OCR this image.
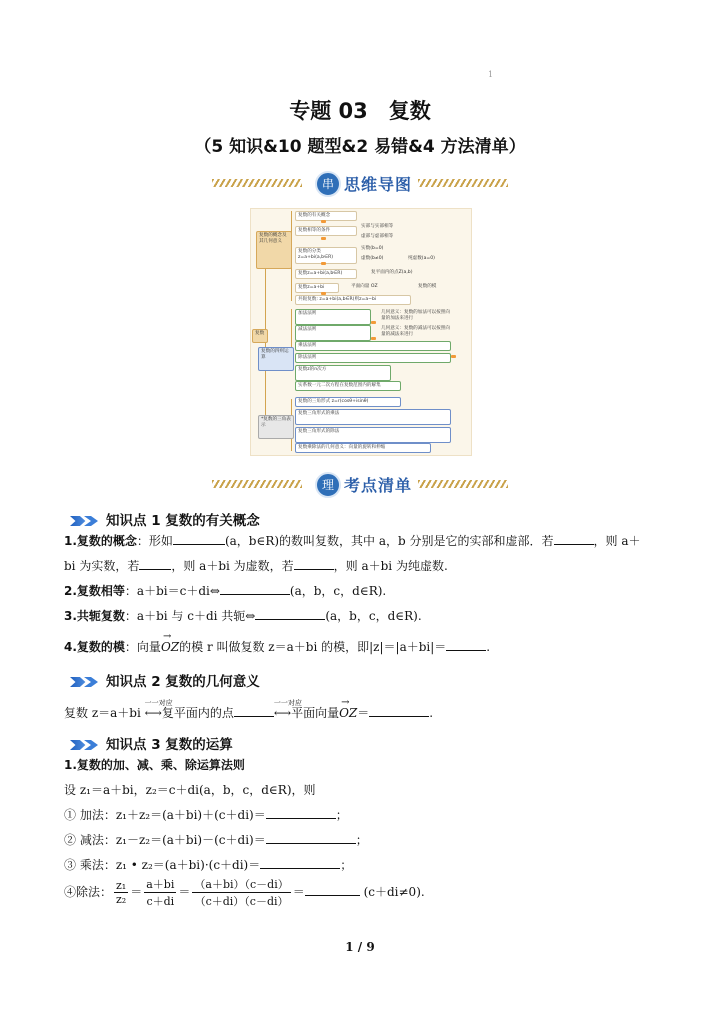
1
专题 03　复数
（5 知识&10 题型&2 易错&4 方法清单）
串 思维导图
复数
复数的概念及其几何意义
复数的四则运算
*复数的三角表示
复数的有关概念
复数相等的条件
实部与实部相等
虚部与虚部相等
复数的分类 z=a+bi(a,b∈R)
实数(b=0)
虚数(b≠0)	纯虚数(a=0)
复数z=a+bi(a,b∈R)	复平面内的点Z(a,b)
复数z=a+bi	平面向量 OZ	复数的模
共轭复数: z=a+bi(a,b∈R)则z=a−bi
加法法则	几何意义：复数的加法可以按照向量的加法来进行
减法法则	几何意义：复数的减法可以按照向量的减法来进行
乘法法则
除法法则
复数z的n次方
实系数一元二次方程在复数范围内的解集
复数的三角形式 z=r(cosθ+isinθ)
复数三角形式的乘法
复数三角形式的除法
复数乘除法的几何意义：向量的旋转和伸缩
理 考点清单
知识点 1 复数的有关概念
1.复数的概念：形如	(a，b∈R)的数叫复数，其中 a，b 分别是它的实部和虚部．若	，则 a＋
bi 为实数，若	，则 a＋bi 为虚数，若	，则 a＋bi 为纯虚数.
2.复数相等：a＋bi＝c＋di⇔	(a，b，c，d∈R).
3.共轭复数：a＋bi 与 c＋di 共轭⇔	(a，b，c，d∈R).
4.复数的模：向量
→
OZ的模 r 叫做复数 z＝a＋bi 的模，即|z|＝|a＋bi|＝	.
知识点 2 复数的几何意义
复数 z＝a＋bi
一一对应
⟷复平面内的点
一一对应
⟷平面向量
→
OZ＝	.
知识点 3 复数的运算
1.复数的加、减、乘、除运算法则
设 z₁＝a＋bi，z₂＝c＋di(a，b，c，d∈R)，则
① 加法：z₁＋z₂＝(a＋bi)＋(c＋di)＝	；
② 减法：z₁－z₂＝(a＋bi)－(c＋di)＝	；
③ 乘法：z₁ • z₂＝(a＋bi)·(c＋di)＝	；
④除法： $\frac{\text{z₁}}{\text{z₂}} = \frac{a+bi}{c+di} = \frac{(a+bi)(c-di)}{(c+di)(c-di)}$ ＝	(c＋di≠0).
1 / 9
